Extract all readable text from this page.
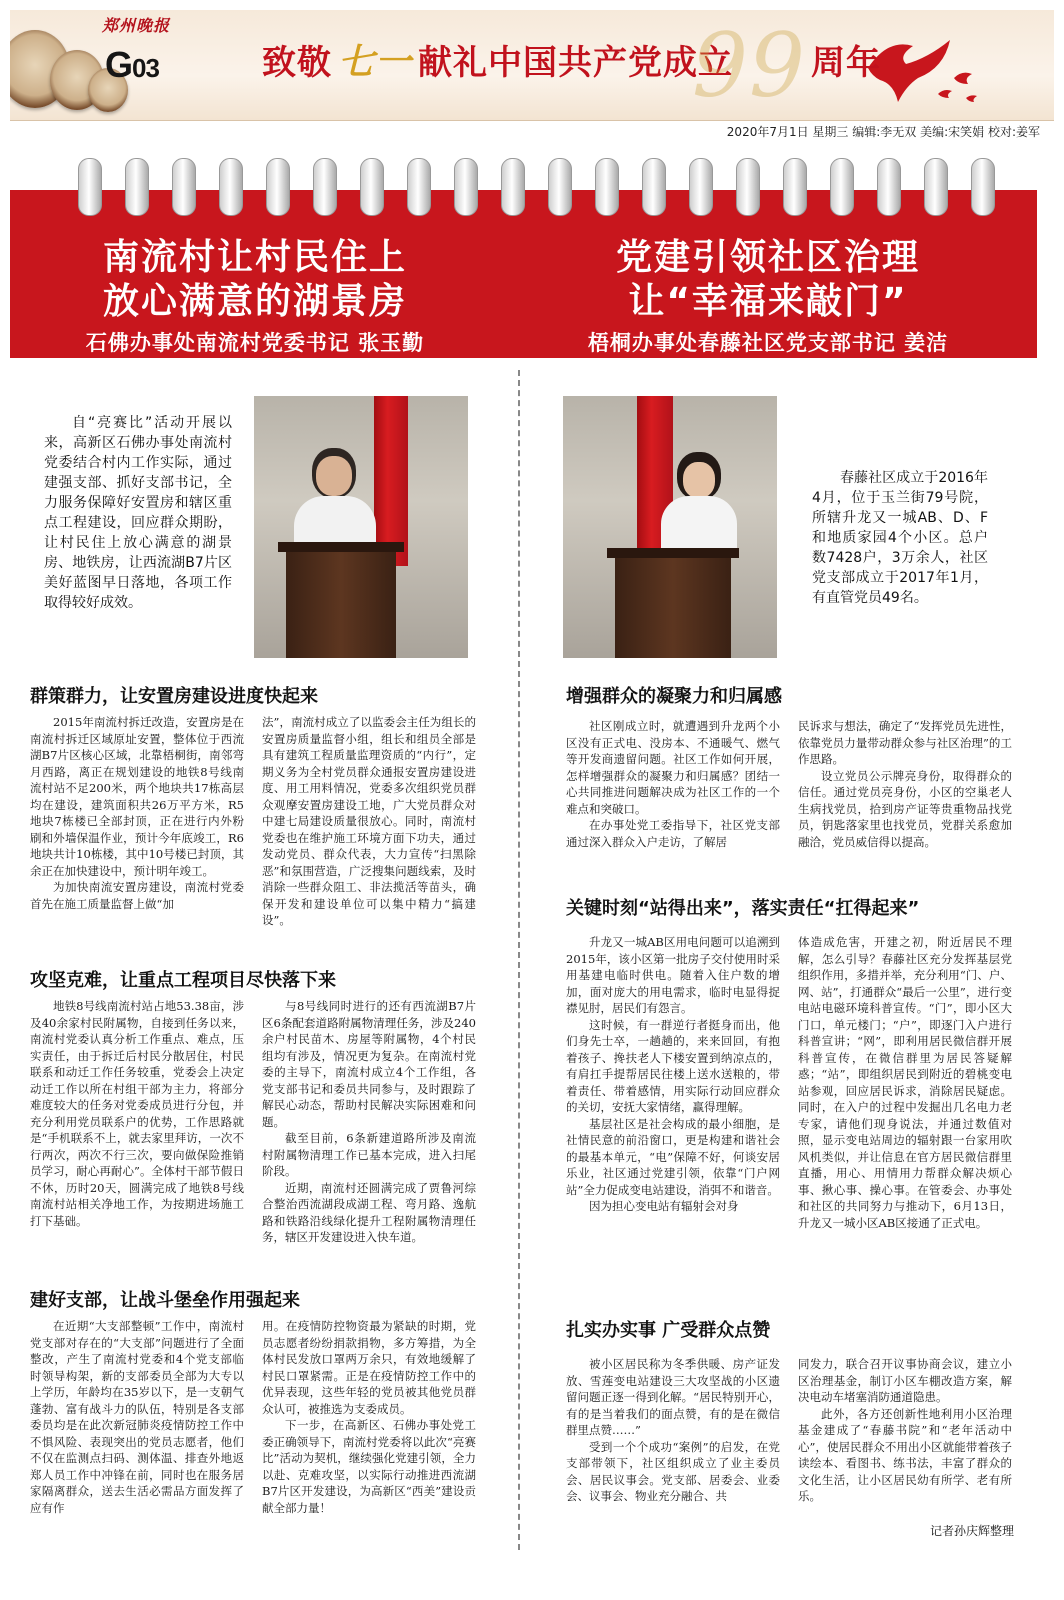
郑州晚报
G03	致敬 七一 献礼中国共产党成立
99 周年
2020年7月1日 星期三 编辑:李无双 美编:宋笑娟 校对:姜军
南流村让村民住上
放心满意的湖景房
石佛办事处南流村党委书记 张玉勤
党建引领社区治理
让“幸福来敲门”
梧桐办事处春藤社区党支部书记 姜洁
自“亮赛比”活动开展以来，高新区石佛办事处南流村党委结合村内工作实际，通过建强支部、抓好支部书记，全力服务保障好安置房和辖区重点工程建设，回应群众期盼，让村民住上放心满意的湖景房、地铁房，让西流湖B7片区美好蓝图早日落地，各项工作取得较好成效。
春藤社区成立于2016年4月，位于玉兰街79号院，所辖升龙又一城AB、D、F和地质家园4个小区。总户数7428户，3万余人，社区党支部成立于2017年1月，有直管党员49名。
群策群力，让安置房建设进度快起来

2015年南流村拆迁改造，安置房是在南流村拆迁区域原址安置，整体位于西流湖B7片区核心区域，北靠梧桐街，南邻弯月西路，离正在规划建设的地铁8号线南流村站不足200米，两个地块共17栋高层均在建设，建筑面积共26万平方米，R5地块7栋楼已全部封顶，正在进行内外粉刷和外墙保温作业，预计今年底竣工，R6地块共计10栋楼，其中10号楼已封顶，其余正在加快建设中，预计明年竣工。

为加快南流安置房建设，南流村党委首先在施工质量监督上做“加

法”，南流村成立了以监委会主任为组长的安置房质量监督小组，组长和组员全部是具有建筑工程质量监理资质的“内行”，定期义务为全村党员群众通报安置房建设进度、用工用料情况，党委多次组织党员群众观摩安置房建设工地，广大党员群众对中建七局建设质量很放心。同时，南流村党委也在维护施工环境方面下功夫，通过发动党员、群众代表，大力宣传“扫黑除恶”和氛围营造，广泛搜集问题线索，及时消除一些群众阻工、非法揽活等苗头，确保开发和建设单位可以集中精力“搞建设”。

攻坚克难，让重点工程项目尽快落下来

地铁8号线南流村站占地53.38亩，涉及40余家村民附属物，自接到任务以来，南流村党委认真分析工作重点、难点，压实责任，由于拆迁后村民分散居住，村民联系和动迁工作任务较重，党委会上决定动迁工作以所在村组干部为主力，将部分难度较大的任务对党委成员进行分包，并充分利用党员联系户的优势，工作思路就是“手机联系不上，就去家里拜访，一次不行两次，两次不行三次，要向做保险推销员学习，耐心再耐心”。全体村干部节假日不休，历时20天，圆满完成了地铁8号线南流村站相关净地工作，为按期进场施工打下基础。

与8号线同时进行的还有西流湖B7片区6条配套道路附属物清理任务，涉及240余户村民苗木、房屋等附属物，4个村民组均有涉及，情况更为复杂。在南流村党委的主导下，南流村成立4个工作组，各党支部书记和委员共同参与，及时跟踪了解民心动态，帮助村民解决实际困难和问题。

截至目前，6条新建道路所涉及南流村附属物清理工作已基本完成，进入扫尾阶段。

近期，南流村还圆满完成了贾鲁河综合整治西流湖段成湖工程、弯月路、逸航路和铁路沿线绿化提升工程附属物清理任务，辖区开发建设进入快车道。

建好支部，让战斗堡垒作用强起来

在近期“大支部整顿”工作中，南流村党支部对存在的“大支部”问题进行了全面整改，产生了南流村党委和4个党支部临时领导构架，新的支部委员全部为大专以上学历，年龄均在35岁以下，是一支朝气蓬勃、富有战斗力的队伍，特别是各支部委员均是在此次新冠肺炎疫情防控工作中不惧风险、表现突出的党员志愿者，他们不仅在监测点扫码、测体温、排查外地返郑人员工作中冲锋在前，同时也在服务居家隔离群众，送去生活必需品方面发挥了应有作

用。在疫情防控物资最为紧缺的时期，党员志愿者纷纷捐款捐物，多方筹措，为全体村民发放口罩两万余只，有效地缓解了村民口罩紧需。正是在疫情防控工作中的优异表现，这些年轻的党员被其他党员群众认可，被推选为支委成员。

下一步，在高新区、石佛办事处党工委正确领导下，南流村党委将以此次“亮赛比”活动为契机，继续强化党建引领，全力以赴、克难攻坚，以实际行动推进西流湖B7片区开发建设，为高新区“西美”建设贡献全部力量！

增强群众的凝聚力和归属感

社区刚成立时，就遭遇到升龙两个小区没有正式电、没房本、不通暖气、燃气等开发商遗留问题。社区工作如何开展，怎样增强群众的凝聚力和归属感？团结一心共同推进问题解决成为社区工作的一个难点和突破口。

在办事处党工委指导下，社区党支部通过深入群众入户走访，了解居

民诉求与想法，确定了“发挥党员先进性，依靠党员力量带动群众参与社区治理”的工作思路。

设立党员公示牌亮身份，取得群众的信任。通过党员亮身份，小区的空巢老人生病找党员，拾到房产证等贵重物品找党员，钥匙落家里也找党员，党群关系愈加融洽，党员威信得以提高。

关键时刻“站得出来”，落实责任“扛得起来”

升龙又一城AB区用电问题可以追溯到2015年，该小区第一批房子交付使用时采用基建电临时供电。随着入住户数的增加，面对庞大的用电需求，临时电显得捉襟见肘，居民们有怨言。

这时候，有一群逆行者挺身而出，他们身先士卒，一趟趟的，来来回回，有抱着孩子、搀扶老人下楼安置到纳凉点的，有肩扛手提帮居民往楼上送水送粮的，带着责任、带着感情，用实际行动回应群众的关切，安抚大家情绪，赢得理解。

基层社区是社会构成的最小细胞，是社情民意的前沿窗口，更是构建和谐社会的最基本单元，“电”保障不好，何谈安居乐业，社区通过党建引领，依靠“门户网站”全力促成变电站建设，消弭不和谐音。

因为担心变电站有辐射会对身

体造成危害，开建之初，附近居民不理解，怎么引导？春藤社区充分发挥基层党组织作用，多措并举，充分利用“门、户、网、站”，打通群众“最后一公里”，进行变电站电磁环境科普宣传。“门”，即小区大门口，单元楼门；“户”，即逐门入户进行科普宣讲；“网”，即利用居民微信群开展科普宣传，在微信群里为居民答疑解惑；“站”，即组织居民到附近的碧桃变电站参观，回应居民诉求，消除居民疑虑。同时，在入户的过程中发掘出几名电力老专家，请他们现身说法，并通过数值对照，显示变电站周边的辐射跟一台家用吹风机类似，并让信息在官方居民微信群里直播，用心、用情用力帮群众解决烦心事、揪心事、操心事。在管委会、办事处和社区的共同努力与推动下，6月13日，升龙又一城小区AB区接通了正式电。

扎实办实事 广受群众点赞

被小区居民称为冬季供暖、房产证发放、雪莲变电站建设三大攻坚战的小区遗留问题正逐一得到化解。“居民特别开心，有的是当着我们的面点赞，有的是在微信群里点赞……”

受到一个个成功“案例”的启发，在党支部带领下，社区组织成立了业主委员会、居民议事会。党支部、居委会、业委会、议事会、物业充分融合、共

同发力，联合召开议事协商会议，建立小区治理基金，制订小区车棚改造方案，解决电动车堵塞消防通道隐患。

此外，各方还创新性地利用小区治理基金建成了“春藤书院”和“老年活动中心”，使居民群众不用出小区就能带着孩子读绘本、看图书、练书法，丰富了群众的文化生活，让小区居民幼有所学、老有所乐。

记者孙庆辉整理
